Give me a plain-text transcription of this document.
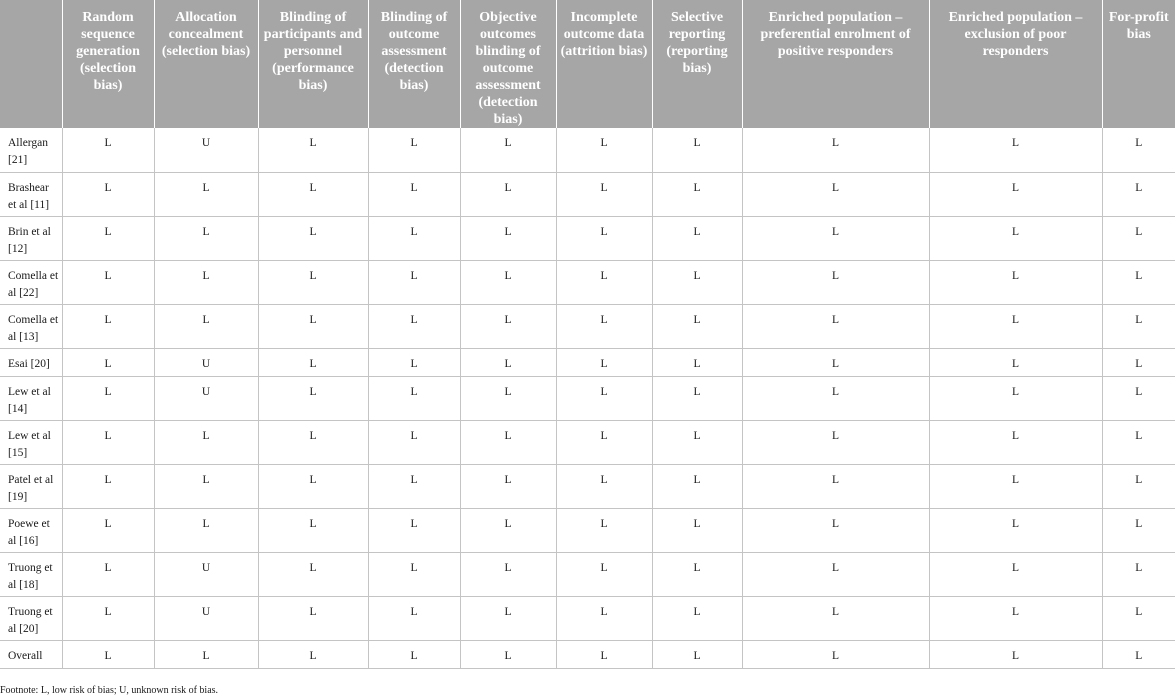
	Random sequence generation (selection bias)	Allocation concealment (selection bias)	Blinding of participants and personnel (performance bias)	Blinding of outcome assessment (detection bias)	Objective outcomes blinding of outcome assessment (detection bias)	Incomplete outcome data (attrition bias)	Selective reporting (reporting bias)	Enriched population – preferential enrolment of positive responders	Enriched population – exclusion of poor responders	For-profit bias
Allergan [21]	L	U	L	L	L	L	L	L	L	L
Brashear et al [11]	L	L	L	L	L	L	L	L	L	L
Brin et al [12]	L	L	L	L	L	L	L	L	L	L
Comella et al [22]	L	L	L	L	L	L	L	L	L	L
Comella et al [13]	L	L	L	L	L	L	L	L	L	L
Esai [20]	L	U	L	L	L	L	L	L	L	L
Lew et al [14]	L	U	L	L	L	L	L	L	L	L
Lew et al [15]	L	L	L	L	L	L	L	L	L	L
Patel et al [19]	L	L	L	L	L	L	L	L	L	L
Poewe et al [16]	L	L	L	L	L	L	L	L	L	L
Truong et al [18]	L	U	L	L	L	L	L	L	L	L
Truong et al [20]	L	U	L	L	L	L	L	L	L	L
Overall	L	L	L	L	L	L	L	L	L	L
Footnote: L, low risk of bias; U, unknown risk of bias.
